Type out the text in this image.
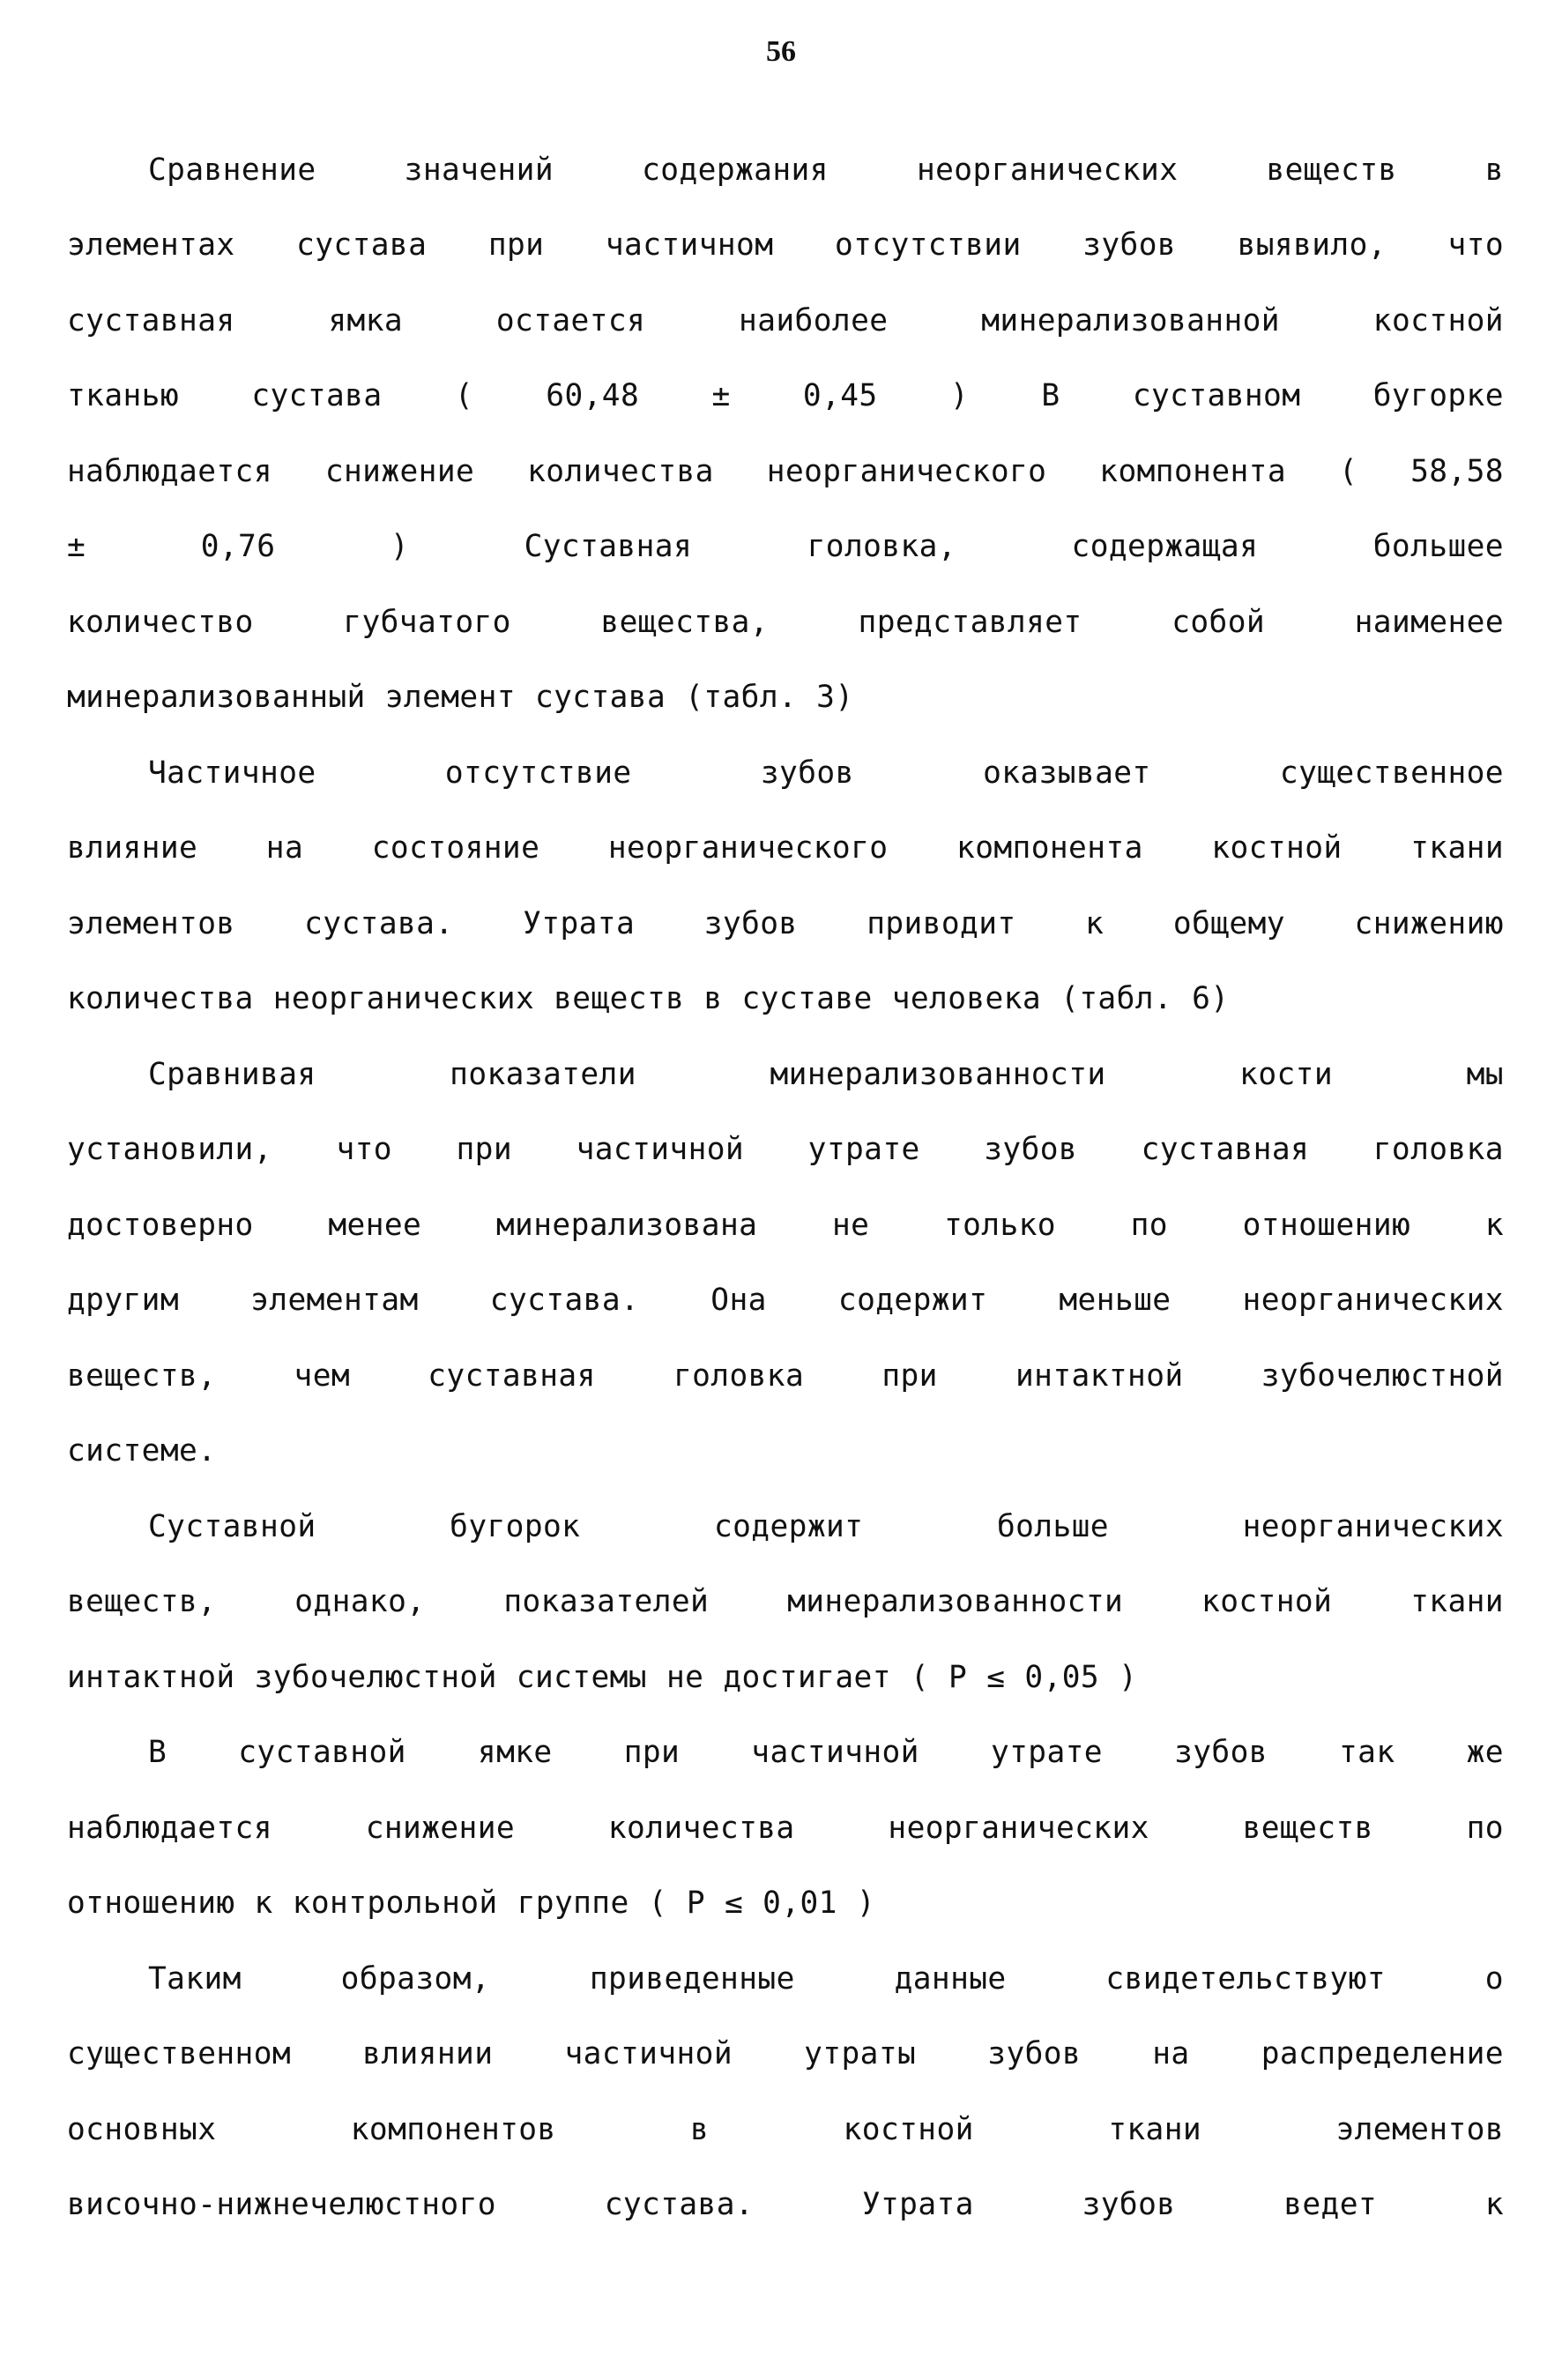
56
Сравнение	значений	содержания	неорганических	веществ	в
элементах сустава при частичном отсутствии зубов выявило, что
суставная	ямка	остается	наиболее	минерализованной	костной
тканью сустава ( 60,48 ± 0,45 ) В суставном бугорке
наблюдается снижение количества неорганического компонента ( 58,58
±	0,76	)	Суставная	головка,	содержащая	большее
количество	губчатого	вещества,	представляет	собой	наименее
минерализованный элемент сустава (табл. 3)
Частичное	отсутствие	зубов	оказывает	существенное
влияние на состояние неорганического компонента костной ткани
элементов сустава. Утрата зубов приводит к общему снижению
количества неорганических веществ в суставе человека (табл. 6)
Сравнивая	показатели	минерализованности	кости	мы
установили, что при частичной утрате зубов суставная головка
достоверно менее минерализована не только по отношению к
другим элементам сустава. Она содержит меньше неорганических
веществ,	чем	суставная	головка	при	интактной	зубочелюстной
системе.
Суставной	бугорок	содержит	больше	неорганических
веществ,	однако,	показателей	минерализованности	костной	ткани
интактной зубочелюстной системы не достигает ( Р ≤ 0,05 )
В суставной ямке при частичной утрате зубов так же
наблюдается	снижение	количества	неорганических	веществ	по
отношению к контрольной группе ( Р ≤ 0,01 )
Таким	образом,	приведенные	данные	свидетельствуют	о
существенном влиянии частичной утраты зубов на распределение
основных	компонентов	в	костной	ткани	элементов
височно-нижнечелюстного	сустава.	Утрата	зубов	ведет	к
